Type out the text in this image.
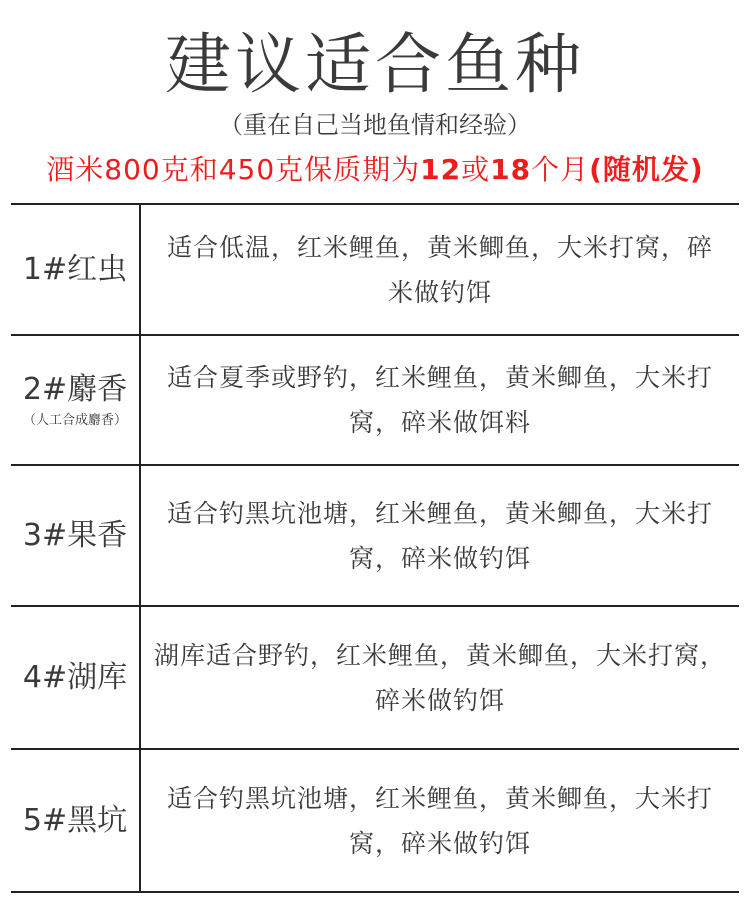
建议适合鱼种
（重在自己当地鱼情和经验）
酒米800克和450克保质期为12或18个月(随机发)
1#红虫
适合低温，红米鲤鱼，黄米鲫鱼，大米打窝，碎米做钓饵
2#麝香
（人工合成麝香）
适合夏季或野钓，红米鲤鱼，黄米鲫鱼，大米打窝，碎米做饵料
3#果香
适合钓黑坑池塘，红米鲤鱼，黄米鲫鱼，大米打窝，碎米做钓饵
4#湖库
湖库适合野钓，红米鲤鱼，黄米鲫鱼，大米打窝，碎米做钓饵
5#黑坑
适合钓黑坑池塘，红米鲤鱼，黄米鲫鱼，大米打窝，碎米做钓饵
